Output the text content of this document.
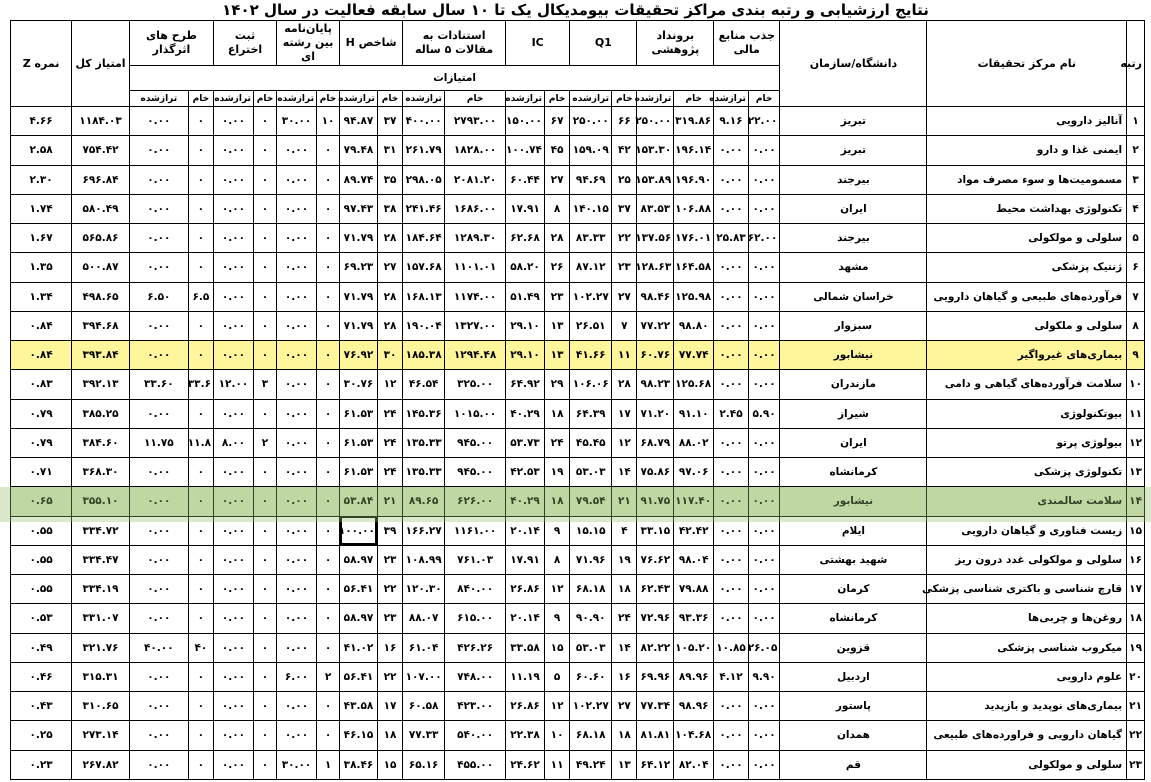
نتایج ارزشیابی و رتبه بندی مراکز تحقیقات بیومدیکال یک تا ۱۰ سال سابقه فعالیت در سال ۱۴۰۲
رتبه	نام مرکز تحقیقات	دانشگاه/سازمان	جذب منابع مالی		برونداد پژوهشی		Q1		IC		استنادات به مقالات ۵ ساله		شاخص H		پایان‌نامه بین رشته ای		ثبت اختراع		طرح های اثرگذار		امتیاز کل	نمره Z
			امتیازات																			
			خام	ترازشده	خام	ترازشده	خام	ترازشده	خام	ترازشده	خام	ترازشده	خام	ترازشده	خام	ترازشده	خام	ترازشده	خام	ترازشده		
۱	آنالیز دارویی	تبریز	۲۲.۰۰	۹.۱۶	۳۱۹.۸۶	۲۵۰.۰۰	۶۶	۲۵۰.۰۰	۶۷	۱۵۰.۰۰	۲۷۹۳.۰۰	۴۰۰.۰۰	۳۷	۹۴.۸۷	۱۰	۳۰.۰۰	۰	۰.۰۰	۰	۰.۰۰	۱۱۸۴.۰۳	۴.۶۶
۲	ایمنی غذا و دارو	تبریز	۰.۰۰	۰.۰۰	۱۹۶.۱۴	۱۵۳.۳۰	۴۲	۱۵۹.۰۹	۴۵	۱۰۰.۷۴	۱۸۲۸.۰۰	۲۶۱.۷۹	۳۱	۷۹.۴۸	۰	۰.۰۰	۰	۰.۰۰	۰	۰.۰۰	۷۵۴.۴۲	۲.۵۸
۳	مسمومیت‌ها و سوء مصرف مواد	بیرجند	۰.۰۰	۰.۰۰	۱۹۶.۹۰	۱۵۳.۸۹	۲۵	۹۴.۶۹	۲۷	۶۰.۴۴	۲۰۸۱.۲۰	۲۹۸.۰۵	۳۵	۸۹.۷۴	۰	۰.۰۰	۰	۰.۰۰	۰	۰.۰۰	۶۹۶.۸۴	۲.۳۰
۴	تکنولوژی بهداشت محیط	ایران	۰.۰۰	۰.۰۰	۱۰۶.۸۸	۸۳.۵۳	۳۷	۱۴۰.۱۵	۸	۱۷.۹۱	۱۶۸۶.۰۰	۲۴۱.۴۶	۳۸	۹۷.۴۳	۰	۰.۰۰	۰	۰.۰۰	۰	۰.۰۰	۵۸۰.۴۹	۱.۷۴
۵	سلولی و مولکولی	بیرجند	۶۲.۰۰	۲۵.۸۳	۱۷۶.۰۱	۱۳۷.۵۶	۲۲	۸۳.۳۳	۲۸	۶۲.۶۸	۱۲۸۹.۳۰	۱۸۴.۶۴	۲۸	۷۱.۷۹	۰	۰.۰۰	۰	۰.۰۰	۰	۰.۰۰	۵۶۵.۸۶	۱.۶۷
۶	ژنتیک پزشکی	مشهد	۰.۰۰	۰.۰۰	۱۶۴.۵۸	۱۲۸.۶۳	۲۳	۸۷.۱۲	۲۶	۵۸.۲۰	۱۱۰۱.۰۱	۱۵۷.۶۸	۲۷	۶۹.۲۳	۰	۰.۰۰	۰	۰.۰۰	۰	۰.۰۰	۵۰۰.۸۷	۱.۳۵
۷	فرآورده‌های طبیعی و گیاهان دارویی	خراسان شمالی	۰.۰۰	۰.۰۰	۱۲۵.۹۸	۹۸.۴۶	۲۷	۱۰۲.۲۷	۲۳	۵۱.۴۹	۱۱۷۴.۰۰	۱۶۸.۱۳	۲۸	۷۱.۷۹	۰	۰.۰۰	۰	۰.۰۰	۶.۵	۶.۵۰	۴۹۸.۶۵	۱.۳۴
۸	سلولی و ملکولی	سبزوار	۰.۰۰	۰.۰۰	۹۸.۸۰	۷۷.۲۲	۷	۲۶.۵۱	۱۳	۲۹.۱۰	۱۳۲۷.۰۰	۱۹۰.۰۴	۲۸	۷۱.۷۹	۰	۰.۰۰	۰	۰.۰۰	۰	۰.۰۰	۳۹۴.۶۸	۰.۸۴
۹	بیماری‌های غیرواگیر	نیشابور	۰.۰۰	۰.۰۰	۷۷.۷۴	۶۰.۷۶	۱۱	۴۱.۶۶	۱۳	۲۹.۱۰	۱۲۹۴.۴۸	۱۸۵.۳۸	۳۰	۷۶.۹۲	۰	۰.۰۰	۰	۰.۰۰	۰	۰.۰۰	۳۹۳.۸۴	۰.۸۴
۱۰	سلامت فرآورده‌های گیاهی و دامی	مازندران	۰.۰۰	۰.۰۰	۱۲۵.۶۸	۹۸.۲۳	۲۸	۱۰۶.۰۶	۲۹	۶۴.۹۲	۳۲۵.۰۰	۴۶.۵۴	۱۲	۳۰.۷۶	۰	۰.۰۰	۳	۱۲.۰۰	۳۳.۶	۳۳.۶۰	۳۹۲.۱۳	۰.۸۳
۱۱	بیوتکنولوژی	شیراز	۵.۹۰	۲.۴۵	۹۱.۱۰	۷۱.۲۰	۱۷	۶۴.۳۹	۱۸	۴۰.۲۹	۱۰۱۵.۰۰	۱۴۵.۳۶	۲۴	۶۱.۵۳	۰	۰.۰۰	۰	۰.۰۰	۰	۰.۰۰	۳۸۵.۲۵	۰.۷۹
۱۲	بیولوژی پرتو	ایران	۰.۰۰	۰.۰۰	۸۸.۰۲	۶۸.۷۹	۱۲	۴۵.۴۵	۲۴	۵۳.۷۳	۹۴۵.۰۰	۱۳۵.۳۳	۲۴	۶۱.۵۳	۰	۰.۰۰	۲	۸.۰۰	۱۱.۸	۱۱.۷۵	۳۸۴.۶۰	۰.۷۹
۱۳	تکنولوژی پزشکی	کرمانشاه	۰.۰۰	۰.۰۰	۹۷.۰۶	۷۵.۸۶	۱۴	۵۳.۰۳	۱۹	۴۲.۵۳	۹۴۵.۰۰	۱۳۵.۳۳	۲۴	۶۱.۵۳	۰	۰.۰۰	۰	۰.۰۰	۰	۰.۰۰	۳۶۸.۳۰	۰.۷۱
۱۴	سلامت سالمندی	نیشابور	۰.۰۰	۰.۰۰	۱۱۷.۴۰	۹۱.۷۵	۲۱	۷۹.۵۴	۱۸	۴۰.۲۹	۶۲۶.۰۰	۸۹.۶۵	۲۱	۵۳.۸۴	۰	۰.۰۰	۰	۰.۰۰	۰	۰.۰۰	۳۵۵.۱۰	۰.۶۵
۱۵	زیست فناوری و گیاهان دارویی	ایلام	۰.۰۰	۰.۰۰	۴۲.۴۲	۳۳.۱۵	۴	۱۵.۱۵	۹	۲۰.۱۴	۱۱۶۱.۰۰	۱۶۶.۲۷	۳۹	۱۰۰.۰۰	۰	۰.۰۰	۰	۰.۰۰	۰	۰.۰۰	۳۳۴.۷۲	۰.۵۵
۱۶	سلولی و مولکولی غدد درون ریز	شهید بهشتی	۰.۰۰	۰.۰۰	۹۸.۰۴	۷۶.۶۲	۱۹	۷۱.۹۶	۸	۱۷.۹۱	۷۶۱.۰۳	۱۰۸.۹۹	۲۳	۵۸.۹۷	۰	۰.۰۰	۰	۰.۰۰	۰	۰.۰۰	۳۳۴.۴۷	۰.۵۵
۱۷	قارچ شناسی و باکتری شناسی پزشکی	کرمان	۰.۰۰	۰.۰۰	۷۹.۸۸	۶۲.۴۳	۱۸	۶۸.۱۸	۱۲	۲۶.۸۶	۸۴۰.۰۰	۱۲۰.۳۰	۲۲	۵۶.۴۱	۰	۰.۰۰	۰	۰.۰۰	۰	۰.۰۰	۳۳۴.۱۹	۰.۵۵
۱۸	روغن‌ها و چربی‌ها	کرمانشاه	۰.۰۰	۰.۰۰	۹۳.۳۶	۷۲.۹۶	۲۴	۹۰.۹۰	۹	۲۰.۱۴	۶۱۵.۰۰	۸۸.۰۷	۲۳	۵۸.۹۷	۰	۰.۰۰	۰	۰.۰۰	۰	۰.۰۰	۳۳۱.۰۷	۰.۵۳
۱۹	میکروب شناسی پزشکی	قزوین	۲۶.۰۵	۱۰.۸۵	۱۰۵.۲۰	۸۲.۲۲	۱۴	۵۳.۰۳	۱۵	۳۳.۵۸	۴۲۶.۲۶	۶۱.۰۴	۱۶	۴۱.۰۲	۰	۰.۰۰	۰	۰.۰۰	۴۰	۴۰.۰۰	۳۲۱.۷۶	۰.۴۹
۲۰	علوم دارویی	اردبیل	۹.۹۰	۴.۱۲	۸۹.۹۶	۶۹.۹۶	۱۶	۶۰.۶۰	۵	۱۱.۱۹	۷۴۸.۰۰	۱۰۷.۰۰	۲۲	۵۶.۴۱	۲	۶.۰۰	۰	۰.۰۰	۰	۰.۰۰	۳۱۵.۳۱	۰.۴۶
۲۱	بیماری‌های نوپدید و بازپدید	پاستور	۰.۰۰	۰.۰۰	۹۸.۹۶	۷۷.۳۴	۲۷	۱۰۲.۲۷	۱۲	۲۶.۸۶	۴۲۳.۰۰	۶۰.۵۸	۱۷	۴۳.۵۸	۰	۰.۰۰	۰	۰.۰۰	۰	۰.۰۰	۳۱۰.۶۵	۰.۴۳
۲۲	گیاهان دارویی و فراورده‌های طبیعی	همدان	۰.۰۰	۰.۰۰	۱۰۴.۶۸	۸۱.۸۱	۱۸	۶۸.۱۸	۱۰	۲۲.۳۸	۵۴۰.۰۰	۷۷.۳۳	۱۸	۴۶.۱۵	۰	۰.۰۰	۰	۰.۰۰	۰	۰.۰۰	۲۷۳.۱۴	۰.۲۵
۲۳	سلولی و مولکولی	قم	۰.۰۰	۰.۰۰	۸۲.۰۴	۶۴.۱۲	۱۳	۴۹.۲۴	۱۱	۲۴.۶۲	۴۵۵.۰۰	۶۵.۱۶	۱۵	۳۸.۴۶	۱	۳۰.۰۰	۰	۰.۰۰	۰	۰.۰۰	۲۶۷.۸۲	۰.۲۳
